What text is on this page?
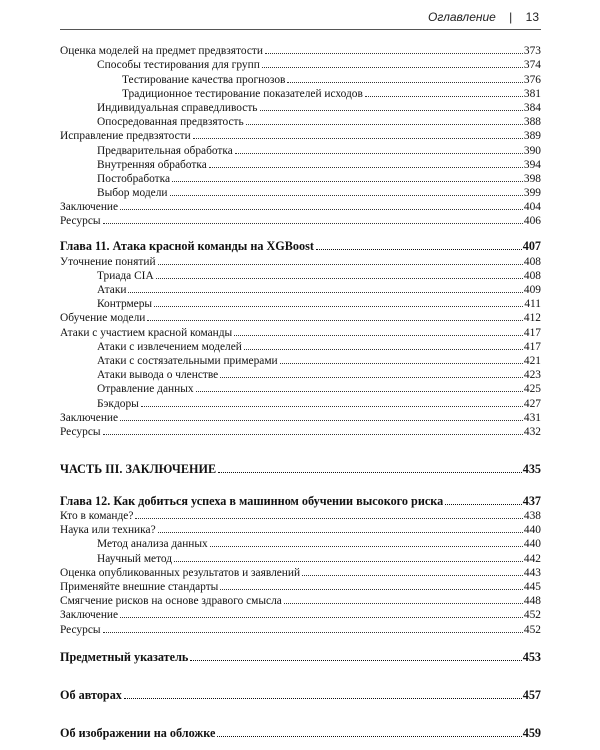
Оглавление | 13
Оценка моделей на предмет предвзятости	373
Способы тестирования для групп	374
Тестирование качества прогнозов	376
Традиционное тестирование показателей исходов	381
Индивидуальная справедливость	384
Опосредованная предвзятость	388
Исправление предвзятости	389
Предварительная обработка	390
Внутренняя обработка	394
Постобработка	398
Выбор модели	399
Заключение	404
Ресурсы	406
Глава 11. Атака красной команды на XGBoost	407
Уточнение понятий	408
Триада CIA	408
Атаки	409
Контрмеры	411
Обучение модели	412
Атаки с участием красной команды	417
Атаки с извлечением моделей	417
Атаки с состязательными примерами	421
Атаки вывода о членстве	423
Отравление данных	425
Бэкдоры	427
Заключение	431
Ресурсы	432
ЧАСТЬ III. ЗАКЛЮЧЕНИЕ	435
Глава 12. Как добиться успеха в машинном обучении высокого риска	437
Кто в команде?	438
Наука или техника?	440
Метод анализа данных	440
Научный метод	442
Оценка опубликованных результатов и заявлений	443
Применяйте внешние стандарты	445
Смягчение рисков на основе здравого смысла	448
Заключение	452
Ресурсы	452
Предметный указатель	453
Об авторах	457
Об изображении на обложке	459
